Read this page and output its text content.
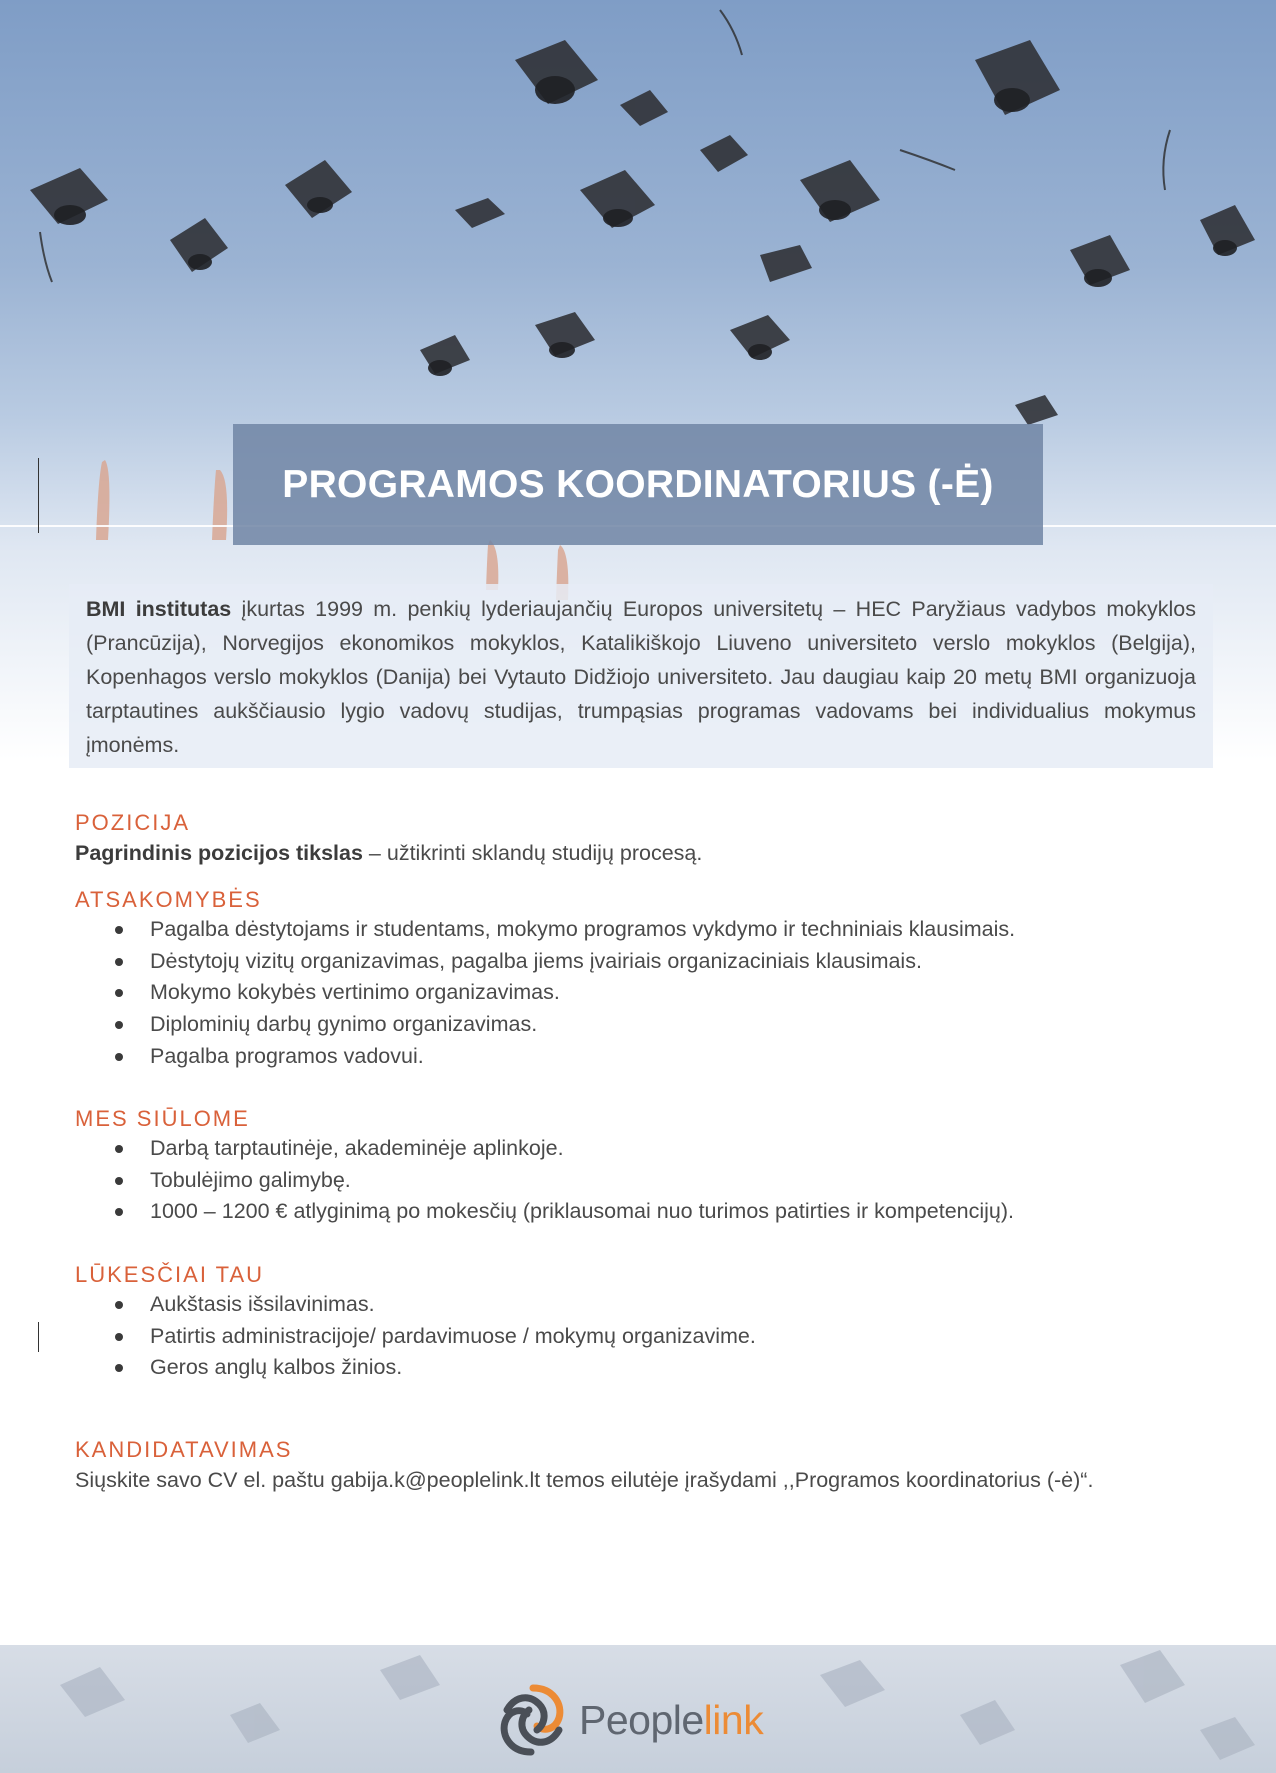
PROGRAMOS KOORDINATORIUS (-Ė)

BMI institutas įkurtas 1999 m. penkių lyderiaujančių Europos universitetų – HEC Paryžiaus vadybos mokyklos (Prancūzija), Norvegijos ekonomikos mokyklos, Katalikiškojo Liuveno universiteto verslo mokyklos (Belgija), Kopenhagos verslo mokyklos (Danija) bei Vytauto Didžiojo universiteto. Jau daugiau kaip 20 metų BMI organizuoja tarptautines aukščiausio lygio vadovų studijas, trumpąsias programas vadovams bei individualius mokymus įmonėms.

POZICIJA

Pagrindinis pozicijos tikslas – užtikrinti sklandų studijų procesą.

ATSAKOMYBĖS

Pagalba dėstytojams ir studentams, mokymo programos vykdymo ir techniniais klausimais.
Dėstytojų vizitų organizavimas, pagalba jiems įvairiais organizaciniais klausimais.
Mokymo kokybės vertinimo organizavimas.
Diplominių darbų gynimo organizavimas.
Pagalba programos vadovui.

MES SIŪLOME

Darbą tarptautinėje, akademinėje aplinkoje.
Tobulėjimo galimybę.
1000 – 1200 € atlyginimą po mokesčių (priklausomai nuo turimos patirties ir kompetencijų).

LŪKESČIAI TAU

Aukštasis išsilavinimas.
Patirtis administracijoje/ pardavimuose / mokymų organizavime.
Geros anglų kalbos žinios.

KANDIDATAVIMAS

Siųskite savo CV el. paštu gabija.k@peoplelink.lt temos eilutėje įrašydami ,,Programos koordinatorius (-ė)“.

Peoplelink
